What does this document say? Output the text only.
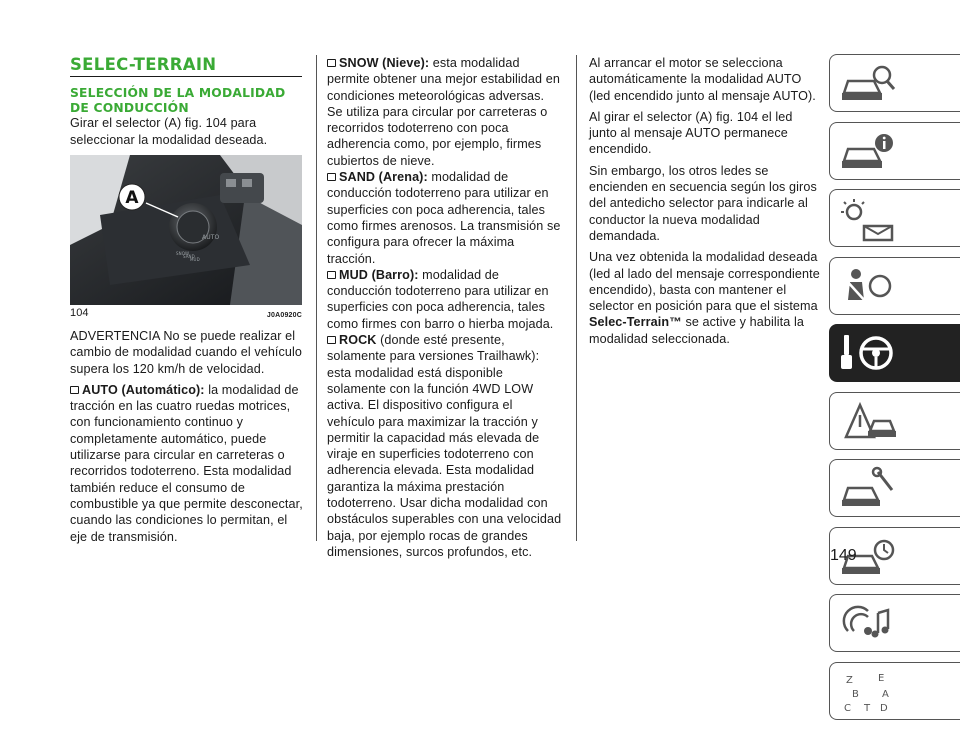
SELEC-TERRAIN
SELECCIÓN DE LA MODALIDAD DE CONDUCCIÓN

Girar el selector (A) fig. 104 para seleccionar la modalidad deseada.

AUTO
SNOW
SAND
MUD
A
104	J0A0920C

ADVERTENCIA No se puede realizar el cambio de modalidad cuando el vehículo supera los 120 km/h de velocidad.

AUTO (Automático): la modalidad de tracción en las cuatro ruedas motrices, con funcionamiento continuo y completamente automático, puede utilizarse para circular en carreteras o recorridos todoterreno. Esta modalidad también reduce el consumo de combustible ya que permite desconectar, cuando las condiciones lo permitan, el eje de transmisión.

SNOW (Nieve): esta modalidad permite obtener una mejor estabilidad en condiciones meteorológicas adversas. Se utiliza para circular por carreteras o recorridos todoterreno con poca adherencia como, por ejemplo, firmes cubiertos de nieve.

SAND (Arena): modalidad de conducción todoterreno para utilizar en superficies con poca adherencia, tales como firmes arenosos. La transmisión se configura para ofrecer la máxima tracción.

MUD (Barro): modalidad de conducción todoterreno para utilizar en superficies con poca adherencia, tales como firmes con barro o hierba mojada.

ROCK (donde esté presente, solamente para versiones Trailhawk): esta modalidad está disponible solamente con la función 4WD LOW activa. El dispositivo configura el vehículo para maximizar la tracción y permitir la capacidad más elevada de viraje en superficies todoterreno con adherencia elevada. Esta modalidad garantiza la máxima prestación todoterreno. Usar dicha modalidad con obstáculos superables con una velocidad baja, por ejemplo rocas de grandes dimensiones, surcos profundos, etc.

Al arrancar el motor se selecciona automáticamente la modalidad AUTO (led encendido junto al mensaje AUTO).

Al girar el selector (A) fig. 104 el led junto al mensaje AUTO permanece encendido.

Sin embargo, los otros ledes se encienden en secuencia según los giros del antedicho selector para indicarle al conductor la nueva modalidad demandada.

Una vez obtenida la modalidad deseada (led al lado del mensaje correspondiente encendido), basta con mantener el selector en posición para que el sistema Selec-Terrain™ se active y habilita la modalidad seleccionada.

Z	E
B A
C T D
149
